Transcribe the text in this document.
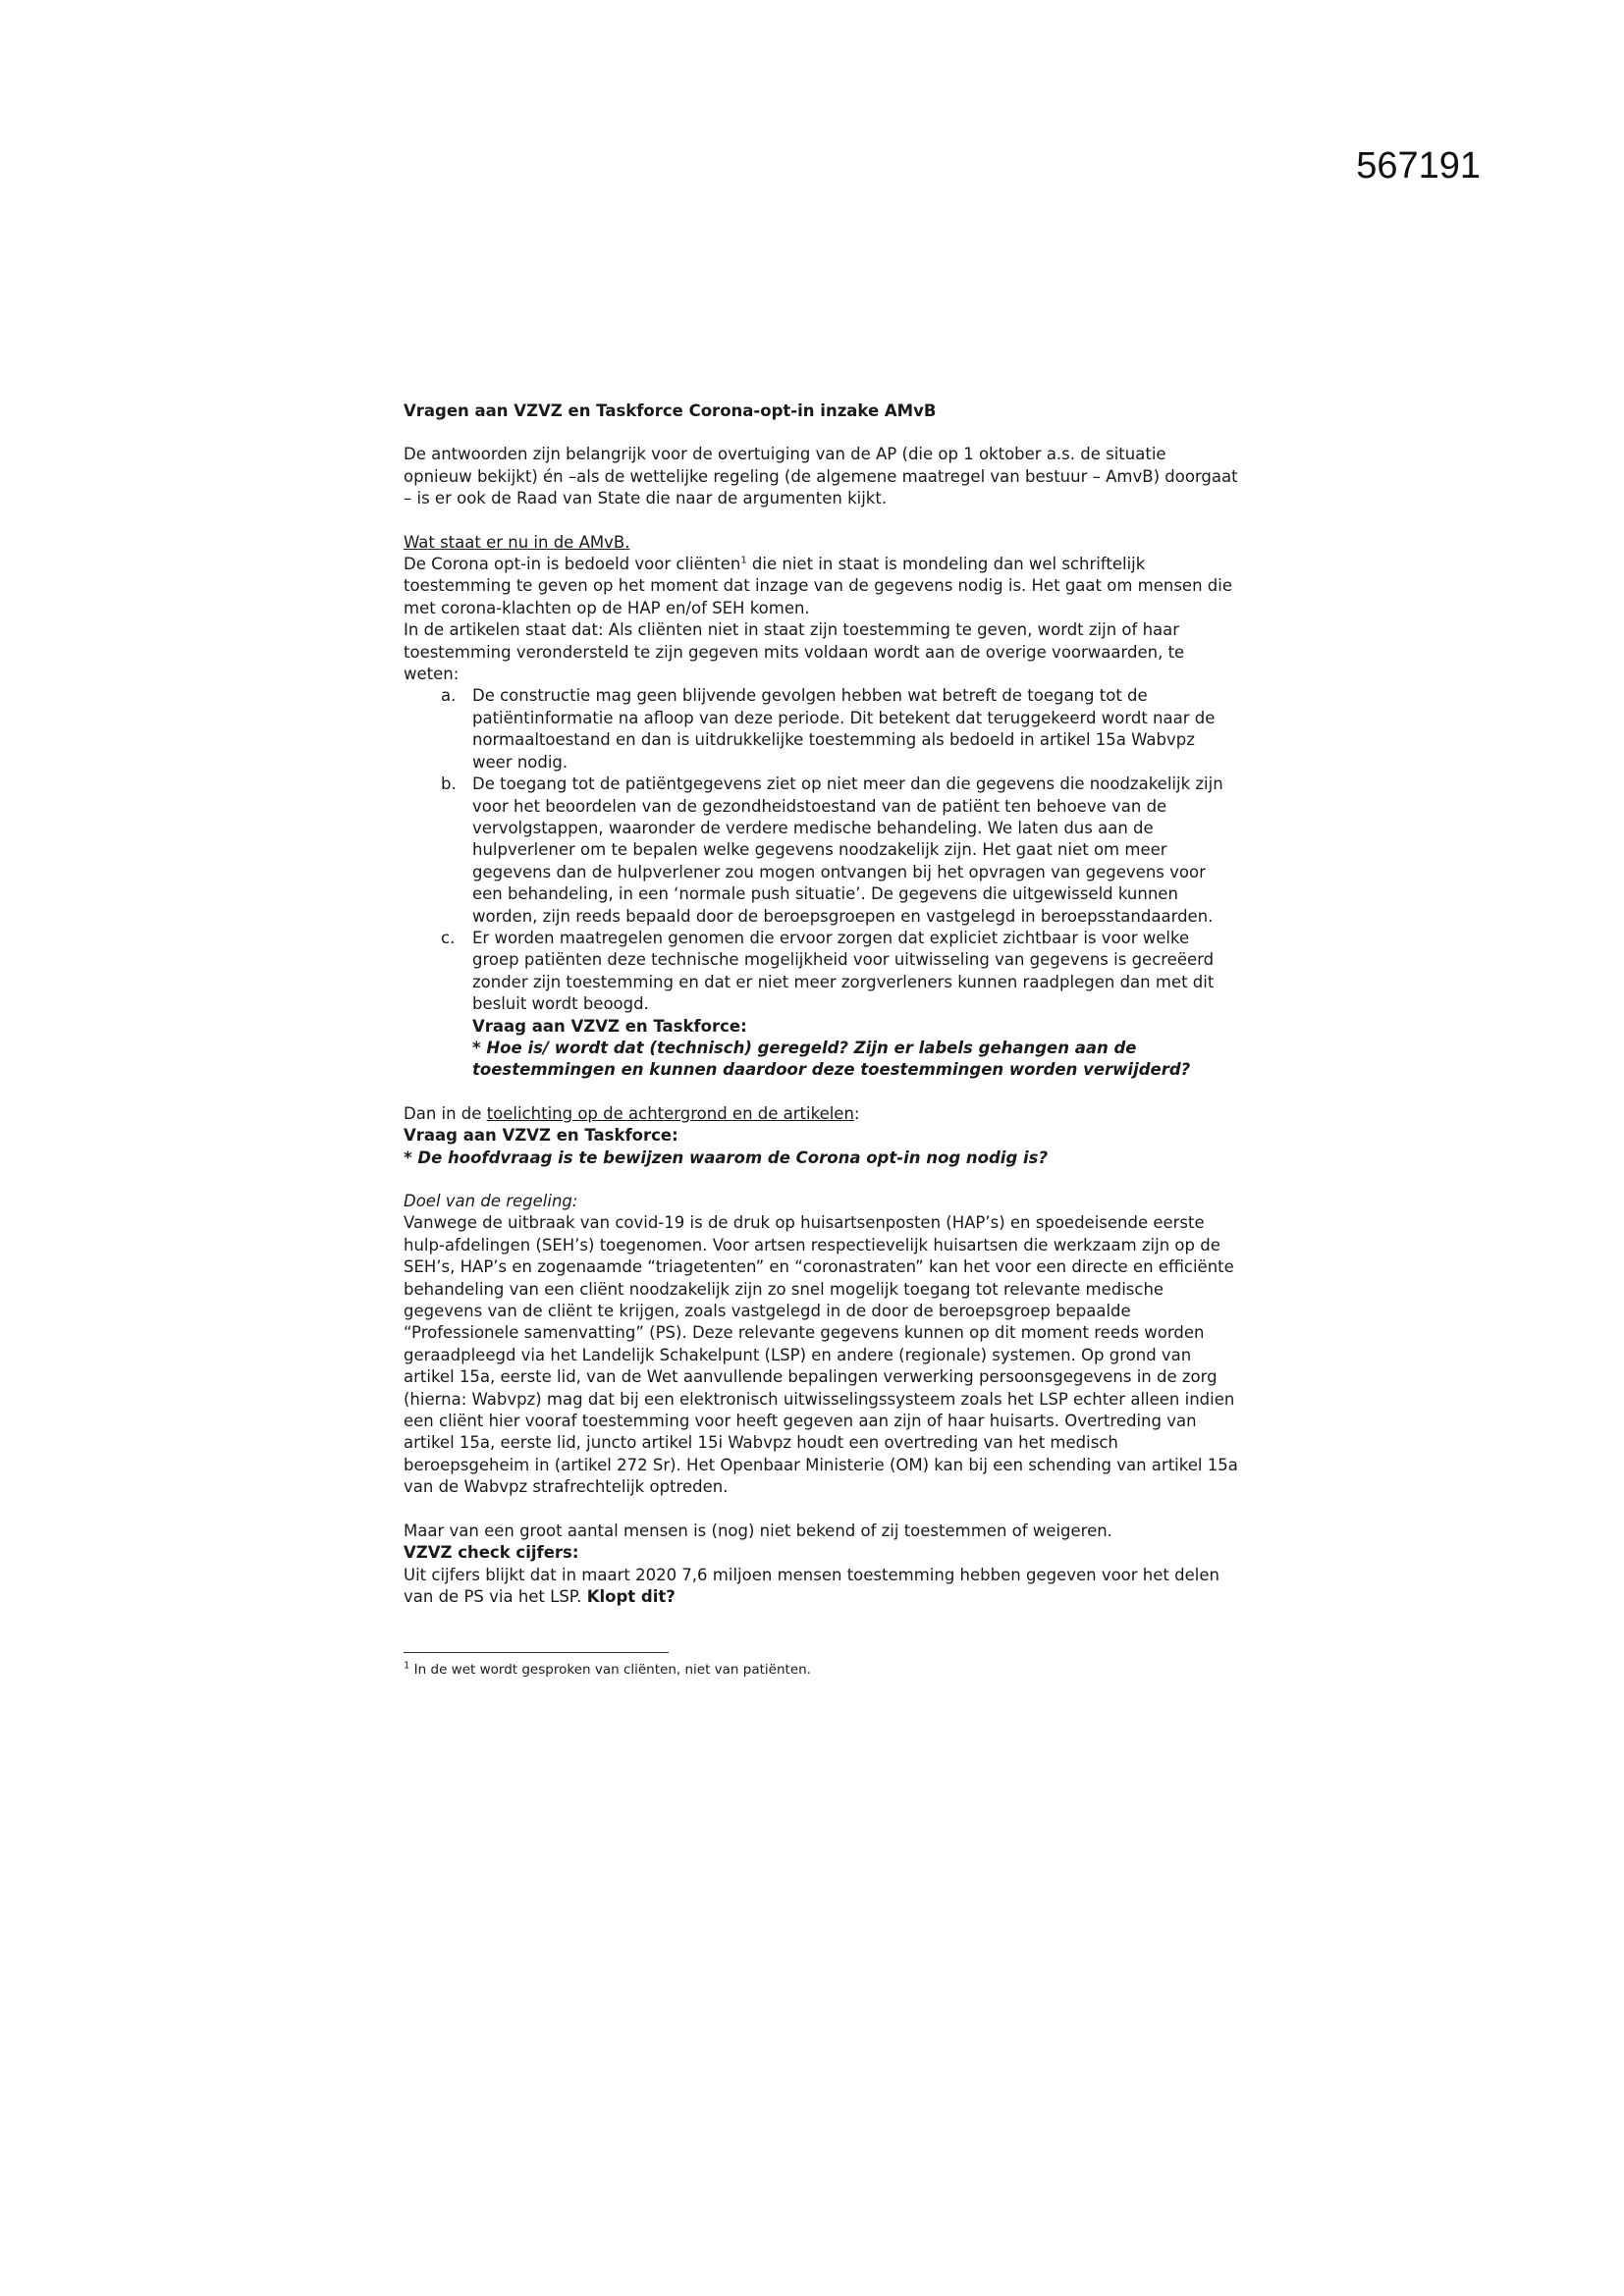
567191

Vragen aan VZVZ en Taskforce Corona-opt-in inzake AMvB

De antwoorden zijn belangrijk voor de overtuiging van de AP (die op 1 oktober a.s. de situatie opnieuw bekijkt) én –als de wettelijke regeling (de algemene maatregel van bestuur – AmvB) doorgaat – is er ook de Raad van State die naar de argumenten kijkt.

Wat staat er nu in de AMvB.

De Corona opt-in is bedoeld voor cliënten$^1$ die niet in staat is mondeling dan wel schriftelijk toestemming te geven op het moment dat inzage van de gegevens nodig is. Het gaat om mensen die met corona-klachten op de HAP en/of SEH komen.

In de artikelen staat dat: Als cliënten niet in staat zijn toestemming te geven, wordt zijn of haar toestemming verondersteld te zijn gegeven mits voldaan wordt aan de overige voorwaarden, te weten:

a.	De constructie mag geen blijvende gevolgen hebben wat betreft de toegang tot de patiëntinformatie na afloop van deze periode. Dit betekent dat teruggekeerd wordt naar de normaaltoestand en dan is uitdrukkelijke toestemming als bedoeld in artikel 15a Wabvpz weer nodig.
b. De toegang tot de patiëntgegevens ziet op niet meer dan die gegevens die noodzakelijk zijn voor het beoordelen van de gezondheidstoestand van de patiënt ten behoeve van de vervolgstappen, waaronder de verdere medische behandeling. We laten dus aan de hulpverlener om te bepalen welke gegevens noodzakelijk zijn. Het gaat niet om meer gegevens dan de hulpverlener zou mogen ontvangen bij het opvragen van gegevens voor een behandeling, in een ‘normale push situatie’. De gegevens die uitgewisseld kunnen worden, zijn reeds bepaald door de beroepsgroepen en vastgelegd in beroepsstandaarden.
c.	Er worden maatregelen genomen die ervoor zorgen dat expliciet zichtbaar is voor welke groep patiënten deze technische mogelijkheid voor uitwisseling van gegevens is gecreëerd zonder zijn toestemming en dat er niet meer zorgverleners kunnen raadplegen dan met dit besluit wordt beoogd.

Vraag aan VZVZ en Taskforce:

* Hoe is/ wordt dat (technisch) geregeld? Zijn er labels gehangen aan de toestemmingen en kunnen daardoor deze toestemmingen worden verwijderd?

Dan in de toelichting op de achtergrond en de artikelen:

Vraag aan VZVZ en Taskforce:

* De hoofdvraag is te bewijzen waarom de Corona opt-in nog nodig is?

Doel van de regeling:

Vanwege de uitbraak van covid-19 is de druk op huisartsenposten (HAP’s) en spoedeisende eerste hulp-afdelingen (SEH’s) toegenomen. Voor artsen respectievelijk huisartsen die werkzaam zijn op de SEH’s, HAP’s en zogenaamde “triagetenten” en “coronastraten” kan het voor een directe en efficiënte behandeling van een cliënt noodzakelijk zijn zo snel mogelijk toegang tot relevante medische gegevens van de cliënt te krijgen, zoals vastgelegd in de door de beroepsgroep bepaalde “Professionele samenvatting” (PS). Deze relevante gegevens kunnen op dit moment reeds worden geraadpleegd via het Landelijk Schakelpunt (LSP) en andere (regionale) systemen. Op grond van artikel 15a, eerste lid, van de Wet aanvullende bepalingen verwerking persoonsgegevens in de zorg (hierna: Wabvpz) mag dat bij een elektronisch uitwisselingssysteem zoals het LSP echter alleen indien een cliënt hier vooraf toestemming voor heeft gegeven aan zijn of haar huisarts. Overtreding van artikel 15a, eerste lid, juncto artikel 15i Wabvpz houdt een overtreding van het medisch beroepsgeheim in (artikel 272 Sr). Het Openbaar Ministerie (OM) kan bij een schending van artikel 15a van de Wabvpz strafrechtelijk optreden.

Maar van een groot aantal mensen is (nog) niet bekend of zij toestemmen of weigeren.

VZVZ check cijfers:

Uit cijfers blijkt dat in maart 2020 7,6 miljoen mensen toestemming hebben gegeven voor het delen van de PS via het LSP. Klopt dit?

$^1$ In de wet wordt gesproken van cliënten, niet van patiënten.
